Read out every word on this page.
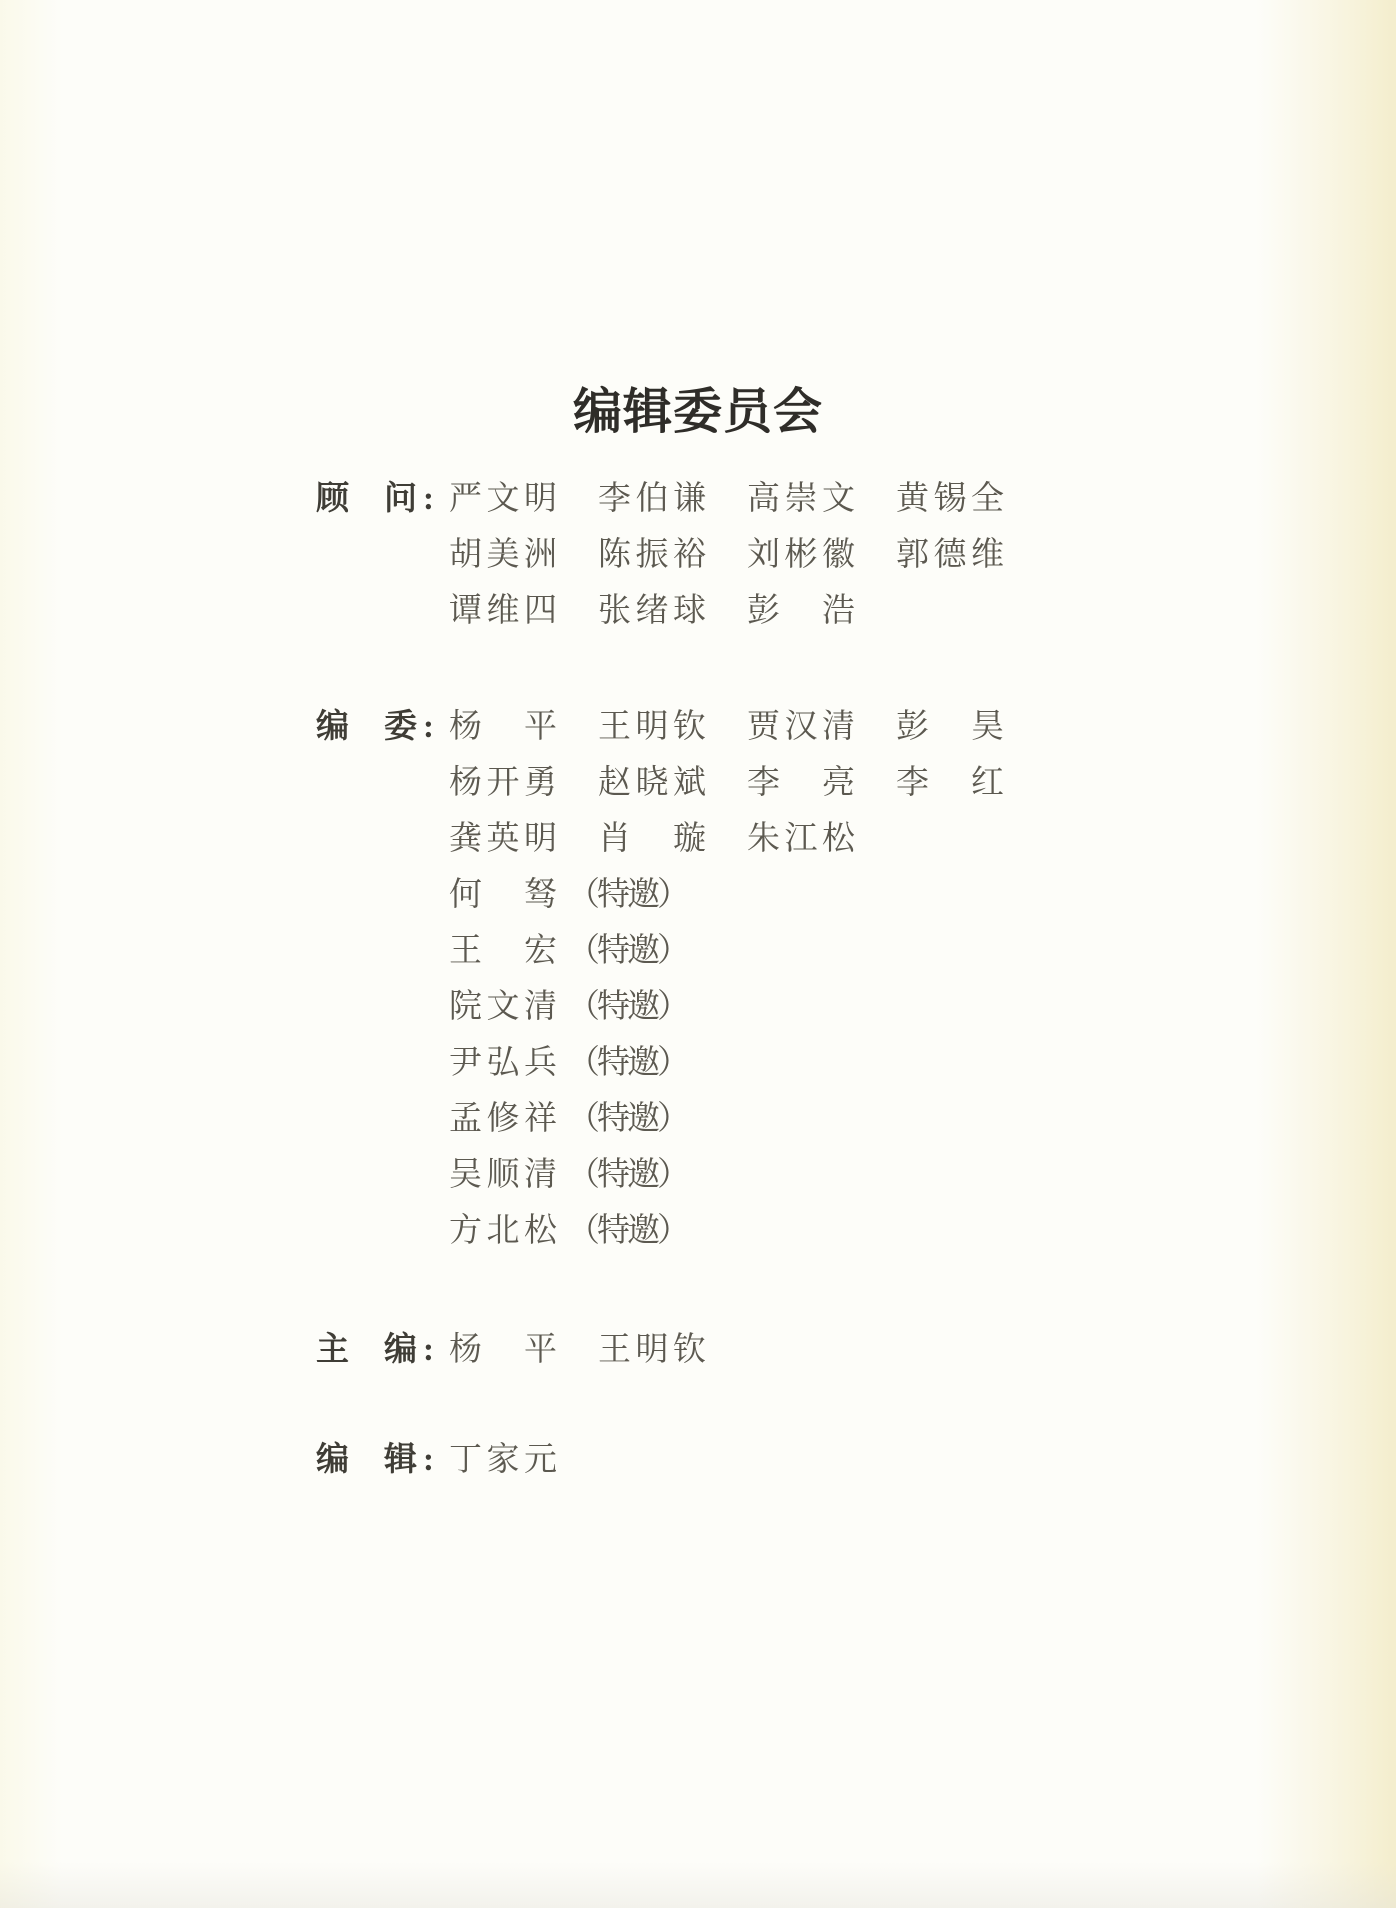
编辑委员会
顾 问 : 严 文 明 李 伯 谦 高 崇 文 黄 锡 全
胡 美 洲 陈 振 裕 刘 彬 徽 郭 德 维
谭 维 四 张 绪 球 彭 浩
编 委 : 杨 平 王 明 钦 贾 汉 清 彭 昊
杨 开 勇 赵 晓 斌 李 亮 李 红
龚 英 明 肖 璇 朱 江 松
何 驽 （特邀）
王 宏 （特邀）
院 文 清 （特邀）
尹 弘 兵 （特邀）
孟 修 祥 （特邀）
吴 顺 清 （特邀）
方 北 松 （特邀）
主 编 : 杨 平 王 明 钦
编 辑 : 丁 家 元
